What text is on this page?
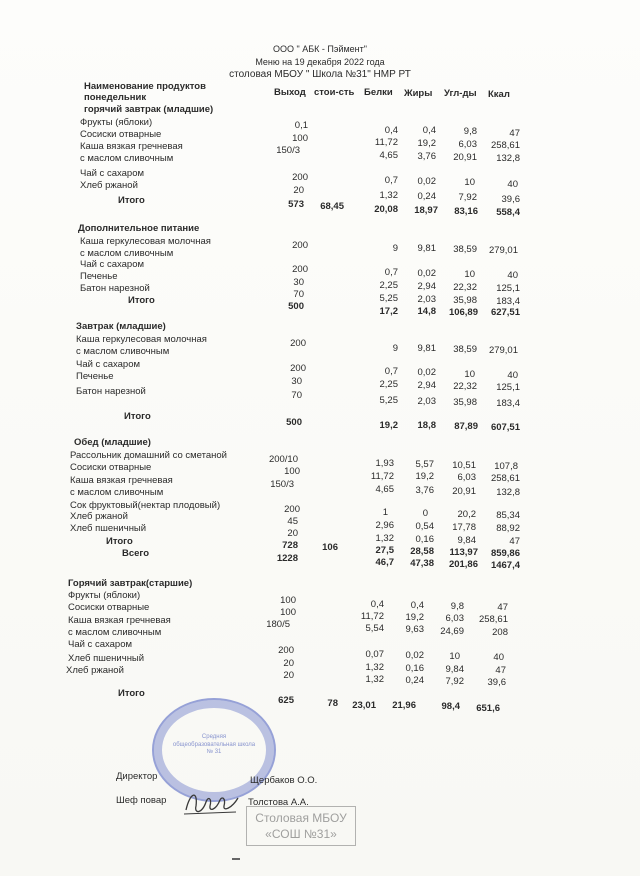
ООО " АБК - Пэймент"
Меню на 19 декабря 2022 года
столовая МБОУ " Школа №31" НМР РТ
Наименование продуктов
понедельник	Выход стои-сть Белки Жиры Угл-ды Ккал
горячий завтрак (младшие)
Фрукты (яблоки)	0,1	0,4	0,4	9,8	47
Сосиски отварные	100	11,72	19,2	6,03	258,61
Каша вязкая гречневая
с маслом сливочным
150/3	4,65	3,76	20,91	132,8
Чай с сахаром	200	0,7	0,02	10	40
Хлеб ржаной	20	1,32	0,24	7,92	39,6
Итого	573	68,45	20,08	18,97	83,16	558,4
Дополнительное питание
Каша геркулесовая молочная
с маслом сливочным
200	9	9,81	38,59	279,01
Чай с сахаром	200	0,7	0,02	10	40
Печенье
30	2,25	2,94	22,32	125,1
Батон нарезной
70	5,25	2,03	35,98	183,4
Итого
500	17,2	14,8	106,89	627,51
Завтрак (младшие)
Каша геркулесовая молочная
с маслом сливочным
200	9	9,81	38,59	279,01
Чай с сахаром	200	0,7	0,02	10	40
Печенье	30	2,25	2,94	22,32	125,1
Батон нарезной	70	5,25	2,03	35,98	183,4
Итого
500	19,2	18,8	87,89	607,51
Обед (младшие)
Рассольник домашний со сметаной	200/10	1,93	5,57	10,51	107,8
Сосиски отварные	100	11,72	19,2	6,03	258,61
Каша вязкая гречневая
с маслом сливочным
150/3	4,65	3,76	20,91	132,8
Сок фруктовый(нектар плодовый)	200	1	0	20,2	85,34
Хлеб ржаной	45	2,96	0,54	17,78	88,92
Хлеб пшеничный	20	1,32	0,16	9,84	47
Итого	728	106	27,5	28,58	113,97	859,86
Всего	1228	46,7	47,38	201,86	1467,4
Горячий завтрак(старшие)
Фрукты (яблоки)	100	0,4	0,4	9,8	47
Сосиски отварные	100	11,72	19,2	6,03	258,61
Каша вязкая гречневая
с маслом сливочным
180/5	5,54	9,63	24,69	208
Чай с сахаром
200	0,07	0,02	10	40
Хлеб пшеничный	20	1,32	0,16	9,84	47
Хлеб ржаной	20	1,32	0,24	7,92	39,6
Итого
625	78	23,01	21,96	98,4	651,6
Средняя общеобразовательная школа № 31
Директор	Щербаков О.О.
Шеф повар	Толстова А.А.
Столовая МБОУ
«СОШ №31»
